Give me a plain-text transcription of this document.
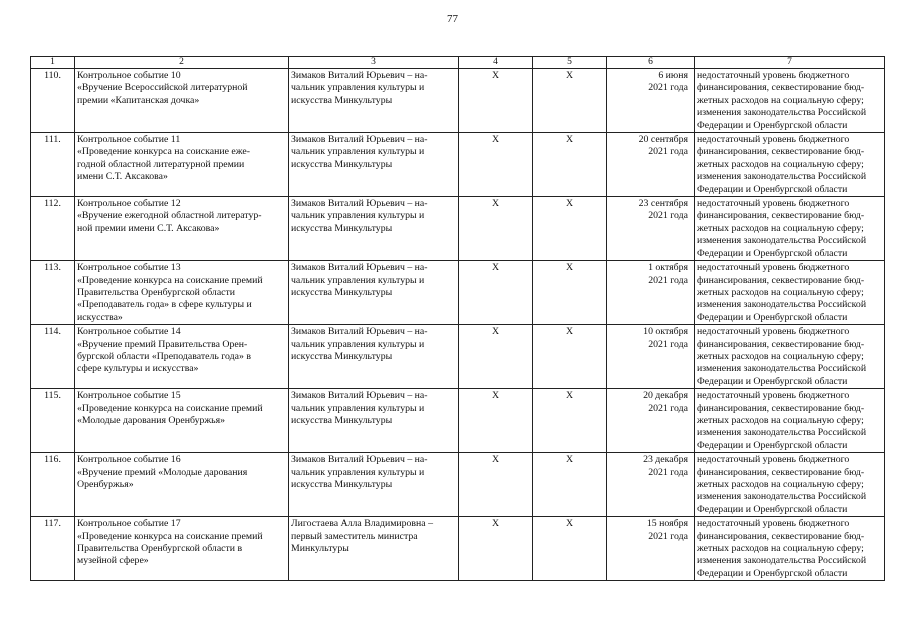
77
1	2	3	4	5	6	7
110.	Контрольное событие 10
«Вручение Всероссийской литературной
премии «Капитанская дочка»	Зимаков Виталий Юрьевич – на-
чальник управления культуры и
искусства Минкультуры	Х	Х	6 июня
2021 года	недостаточный уровень бюджетного
финансирования, секвестирование бюд-
жетных расходов на социальную сферу;
изменения законодательства Российской
Федерации и Оренбургской области

111.	Контрольное событие 11
«Проведение конкурса на соискание еже-
годной областной литературной премии
имени С.Т. Аксакова»	Зимаков Виталий Юрьевич – на-
чальник управления культуры и
искусства Минкультуры	Х	Х	20 сентября
2021 года	недостаточный уровень бюджетного
финансирования, секвестирование бюд-
жетных расходов на социальную сферу;
изменения законодательства Российской
Федерации и Оренбургской области

112.	Контрольное событие 12
«Вручение ежегодной областной литератур-
ной премии имени С.Т. Аксакова»	Зимаков Виталий Юрьевич – на-
чальник управления культуры и
искусства Минкультуры	Х	Х	23 сентября
2021 года	недостаточный уровень бюджетного
финансирования, секвестирование бюд-
жетных расходов на социальную сферу;
изменения законодательства Российской
Федерации и Оренбургской области

113.	Контрольное событие 13
«Проведение конкурса на соискание премий
Правительства Оренбургской области
«Преподаватель года» в сфере культуры и
искусства»	Зимаков Виталий Юрьевич – на-
чальник управления культуры и
искусства Минкультуры	Х	Х	1 октября
2021 года	недостаточный уровень бюджетного
финансирования, секвестирование бюд-
жетных расходов на социальную сферу;
изменения законодательства Российской
Федерации и Оренбургской области

114.	Контрольное событие 14
«Вручение премий Правительства Орен-
бургской области «Преподаватель года» в
сфере культуры и искусства»	Зимаков Виталий Юрьевич – на-
чальник управления культуры и
искусства Минкультуры	Х	Х	10 октября
2021 года	недостаточный уровень бюджетного
финансирования, секвестирование бюд-
жетных расходов на социальную сферу;
изменения законодательства Российской
Федерации и Оренбургской области

115.	Контрольное событие 15
«Проведение конкурса на соискание премий
«Молодые дарования Оренбуржья»	Зимаков Виталий Юрьевич – на-
чальник управления культуры и
искусства Минкультуры	Х	Х	20 декабря
2021 года	недостаточный уровень бюджетного
финансирования, секвестирование бюд-
жетных расходов на социальную сферу;
изменения законодательства Российской
Федерации и Оренбургской области

116.	Контрольное событие 16
«Вручение премий «Молодые дарования
Оренбуржья»	Зимаков Виталий Юрьевич – на-
чальник управления культуры и
искусства Минкультуры	Х	Х	23 декабря
2021 года	недостаточный уровень бюджетного
финансирования, секвестирование бюд-
жетных расходов на социальную сферу;
изменения законодательства Российской
Федерации и Оренбургской области

117.	Контрольное событие 17
«Проведение конкурса на соискание премий
Правительства Оренбургской области в
музейной сфере»	Лигостаева Алла Владимировна –
первый заместитель министра
Минкультуры	Х	Х	15 ноября
2021 года	недостаточный уровень бюджетного
финансирования, секвестирование бюд-
жетных расходов на социальную сферу;
изменения законодательства Российской
Федерации и Оренбургской области
